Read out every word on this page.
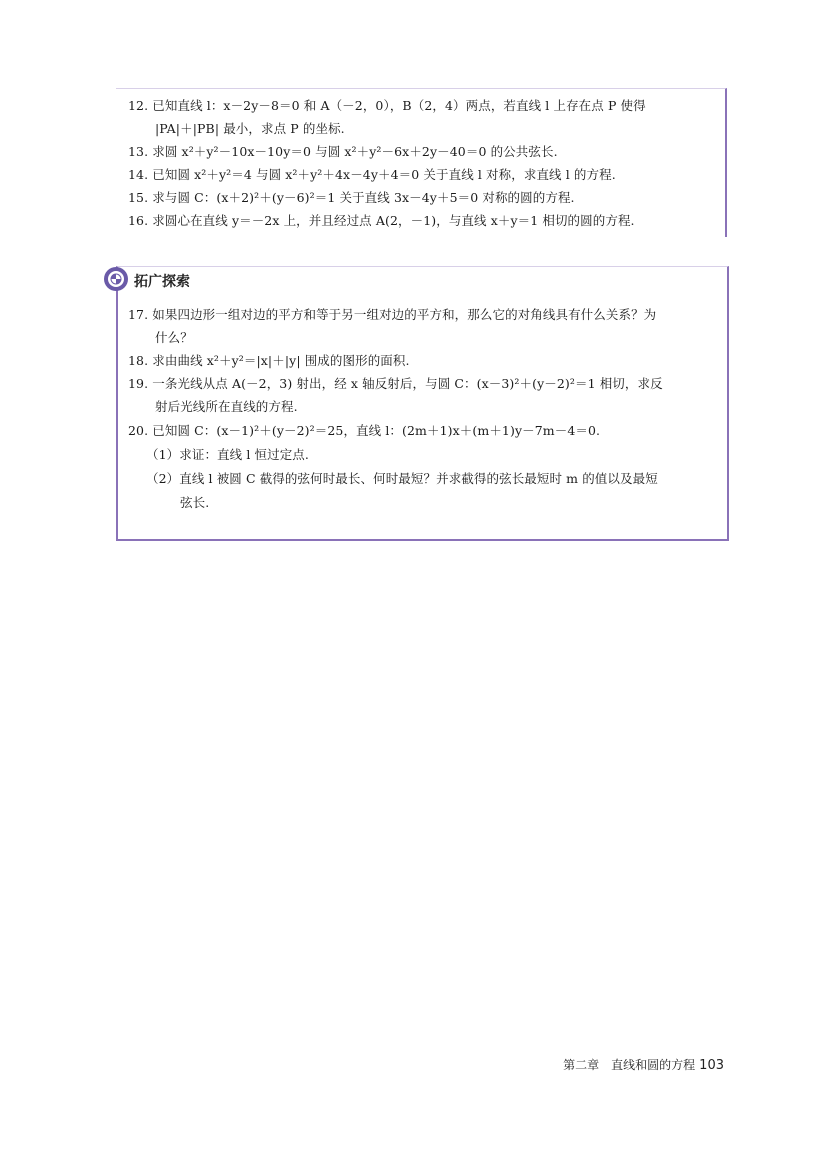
12. 已知直线 l：x－2y－8＝0 和 A（－2，0），B（2，4）两点，若直线 l 上存在点 P 使得
|PA|＋|PB| 最小，求点 P 的坐标.
13. 求圆 x²＋y²－10x－10y＝0 与圆 x²＋y²－6x＋2y－40＝0 的公共弦长.
14. 已知圆 x²＋y²＝4 与圆 x²＋y²＋4x－4y＋4＝0 关于直线 l 对称，求直线 l 的方程.
15. 求与圆 C：(x＋2)²＋(y－6)²＝1 关于直线 3x－4y＋5＝0 对称的圆的方程.
16. 求圆心在直线 y＝－2x 上，并且经过点 A(2，－1)，与直线 x＋y＝1 相切的圆的方程.
拓广探索
17. 如果四边形一组对边的平方和等于另一组对边的平方和，那么它的对角线具有什么关系？为
什么？
18. 求由曲线 x²＋y²＝|x|＋|y| 围成的图形的面积.
19. 一条光线从点 A(－2，3) 射出，经 x 轴反射后，与圆 C：(x－3)²＋(y－2)²＝1 相切，求反
射后光线所在直线的方程.
20. 已知圆 C：(x－1)²＋(y－2)²＝25，直线 l：(2m＋1)x＋(m＋1)y－7m－4＝0.
（1）求证：直线 l 恒过定点.
（2）直线 l 被圆 C 截得的弦何时最长、何时最短？并求截得的弦长最短时 m 的值以及最短
弦长.
第二章　直线和圆的方程 103
